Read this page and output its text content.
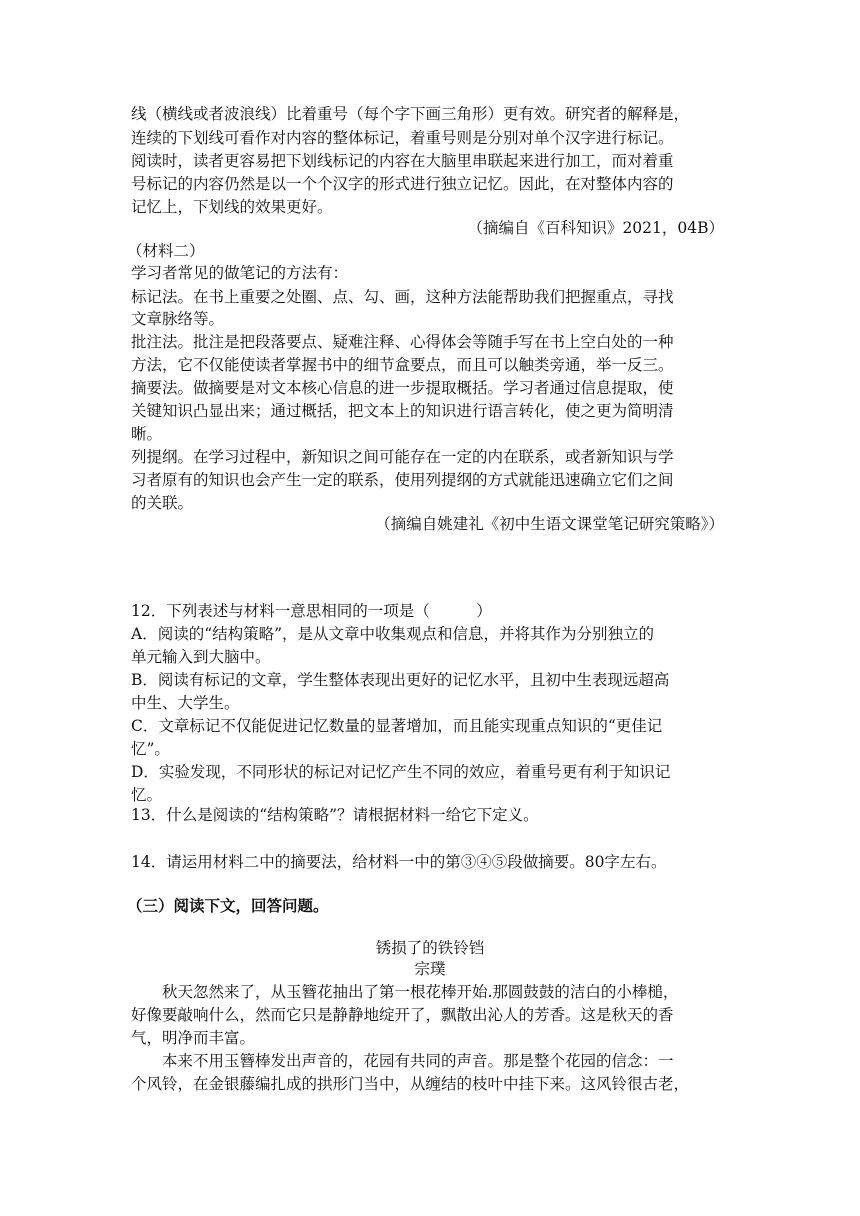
线（横线或者波浪线）比着重号（每个字下画三角形）更有效。研究者的解释是，
连续的下划线可看作对内容的整体标记，着重号则是分别对单个汉字进行标记。
阅读时，读者更容易把下划线标记的内容在大脑里串联起来进行加工，而对着重
号标记的内容仍然是以一个个汉字的形式进行独立记忆。因此，在对整体内容的
记忆上，下划线的效果更好。
（摘编自《百科知识》2021，04B）
（材料二）
学习者常见的做笔记的方法有：
标记法。在书上重要之处圈、点、勾、画，这种方法能帮助我们把握重点，寻找
文章脉络等。
批注法。批注是把段落要点、疑难注释、心得体会等随手写在书上空白处的一种
方法，它不仅能使读者掌握书中的细节盒要点，而且可以触类旁通，举一反三。
摘要法。做摘要是对文本核心信息的进一步提取概括。学习者通过信息提取，使
关键知识凸显出来；通过概括，把文本上的知识进行语言转化，使之更为简明清
晰。
列提纲。在学习过程中，新知识之间可能存在一定的内在联系，或者新知识与学
习者原有的知识也会产生一定的联系，使用列提纲的方式就能迅速确立它们之间
的关联。
（摘编自姚建礼《初中生语文课堂笔记研究策略》）
12．下列表述与材料一意思相同的一项是（　　　）
A．阅读的“结构策略”，是从文章中收集观点和信息，并将其作为分别独立的
单元输入到大脑中。
B．阅读有标记的文章，学生整体表现出更好的记忆水平，且初中生表现远超高
中生、大学生。
C．文章标记不仅能促进记忆数量的显著增加，而且能实现重点知识的“更佳记
忆”。
D．实验发现，不同形状的标记对记忆产生不同的效应，着重号更有利于知识记
忆。
13．什么是阅读的“结构策略”？请根据材料一给它下定义。
14．请运用材料二中的摘要法，给材料一中的第③④⑤段做摘要。80字左右。
（三）阅读下文，回答问题。
锈损了的铁铃铛
宗璞
秋天忽然来了，从玉簪花抽出了第一根花棒开始.那圆鼓鼓的洁白的小棒槌，
好像要敲响什么，然而它只是静静地绽开了，飘散出沁人的芳香。这是秋天的香
气，明净而丰富。
本来不用玉簪棒发出声音的，花园有共同的声音。那是整个花园的信念：一
个风铃，在金银藤编扎成的拱形门当中，从缠结的枝叶中挂下来。这风铃很古老，
